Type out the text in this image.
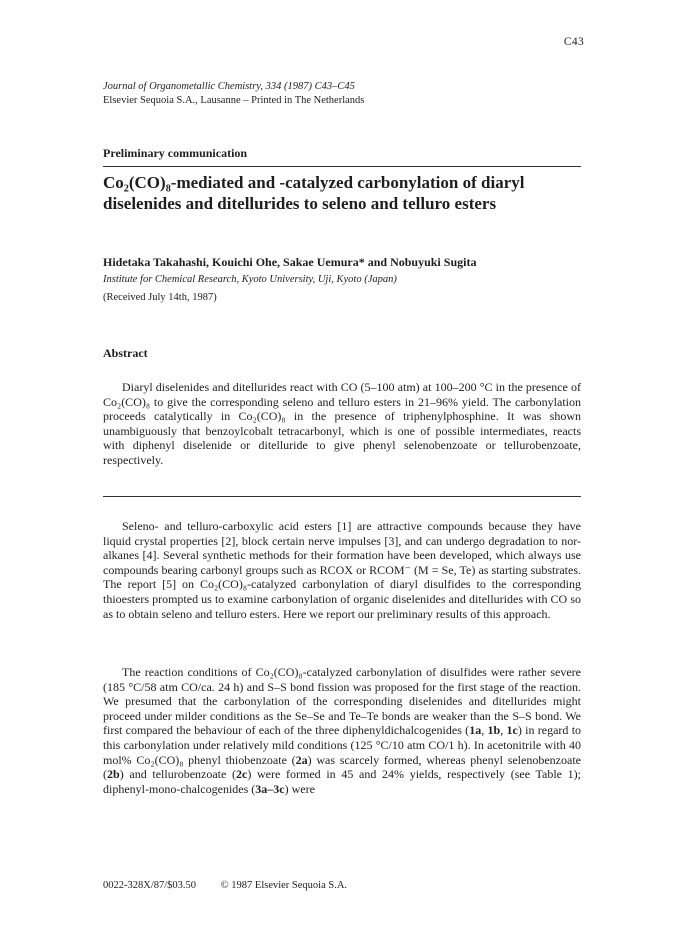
C43
Journal of Organometallic Chemistry, 334 (1987) C43–C45
Elsevier Sequoia S.A., Lausanne – Printed in The Netherlands
Preliminary communication
Co₂(CO)₈-mediated and -catalyzed carbonylation of diaryl diselenides and ditellurides to seleno and telluro esters
Hidetaka Takahashi, Kouichi Ohe, Sakae Uemura* and Nobuyuki Sugita
Institute for Chemical Research, Kyoto University, Uji, Kyoto (Japan)
(Received July 14th, 1987)
Abstract
Diaryl diselenides and ditellurides react with CO (5–100 atm) at 100–200 °C in the presence of Co₂(CO)₈ to give the corresponding seleno and telluro esters in 21–96% yield. The carbonylation proceeds catalytically in Co₂(CO)₈ in the presence of triphenylphosphine. It was shown unambiguously that benzoylcobalt tetracarbonyl, which is one of possible intermediates, reacts with diphenyl diselenide or ditelluride to give phenyl selenobenzoate or tellurobenzoate, respectively.
Seleno- and telluro-carboxylic acid esters [1] are attractive compounds because they have liquid crystal properties [2], block certain nerve impulses [3], and can undergo degradation to nor-alkanes [4]. Several synthetic methods for their formation have been developed, which always use compounds bearing carbonyl groups such as RCOX or RCOM⁻ (M = Se, Te) as starting substrates. The report [5] on Co₂(CO)₈-catalyzed carbonylation of diaryl disulfides to the corresponding thioesters prompted us to examine carbonylation of organic diselenides and ditellurides with CO so as to obtain seleno and telluro esters. Here we report our preliminary results of this approach.
The reaction conditions of Co₂(CO)₈-catalyzed carbonylation of disulfides were rather severe (185 °C/58 atm CO/ca. 24 h) and S–S bond fission was proposed for the first stage of the reaction. We presumed that the carbonylation of the corresponding diselenides and ditellurides might proceed under milder conditions as the Se–Se and Te–Te bonds are weaker than the S–S bond. We first compared the behaviour of each of the three diphenyldichalcogenides (1a, 1b, 1c) in regard to this carbonylation under relatively mild conditions (125 °C/10 atm CO/1 h). In acetonitrile with 40 mol% Co₂(CO)₈ phenyl thiobenzoate (2a) was scarcely formed, whereas phenyl selenobenzoate (2b) and tellurobenzoate (2c) were formed in 45 and 24% yields, respectively (see Table 1); diphenyl-mono-chalcogenides (3a–3c) were
0022-328X/87/$03.50 © 1987 Elsevier Sequoia S.A.
